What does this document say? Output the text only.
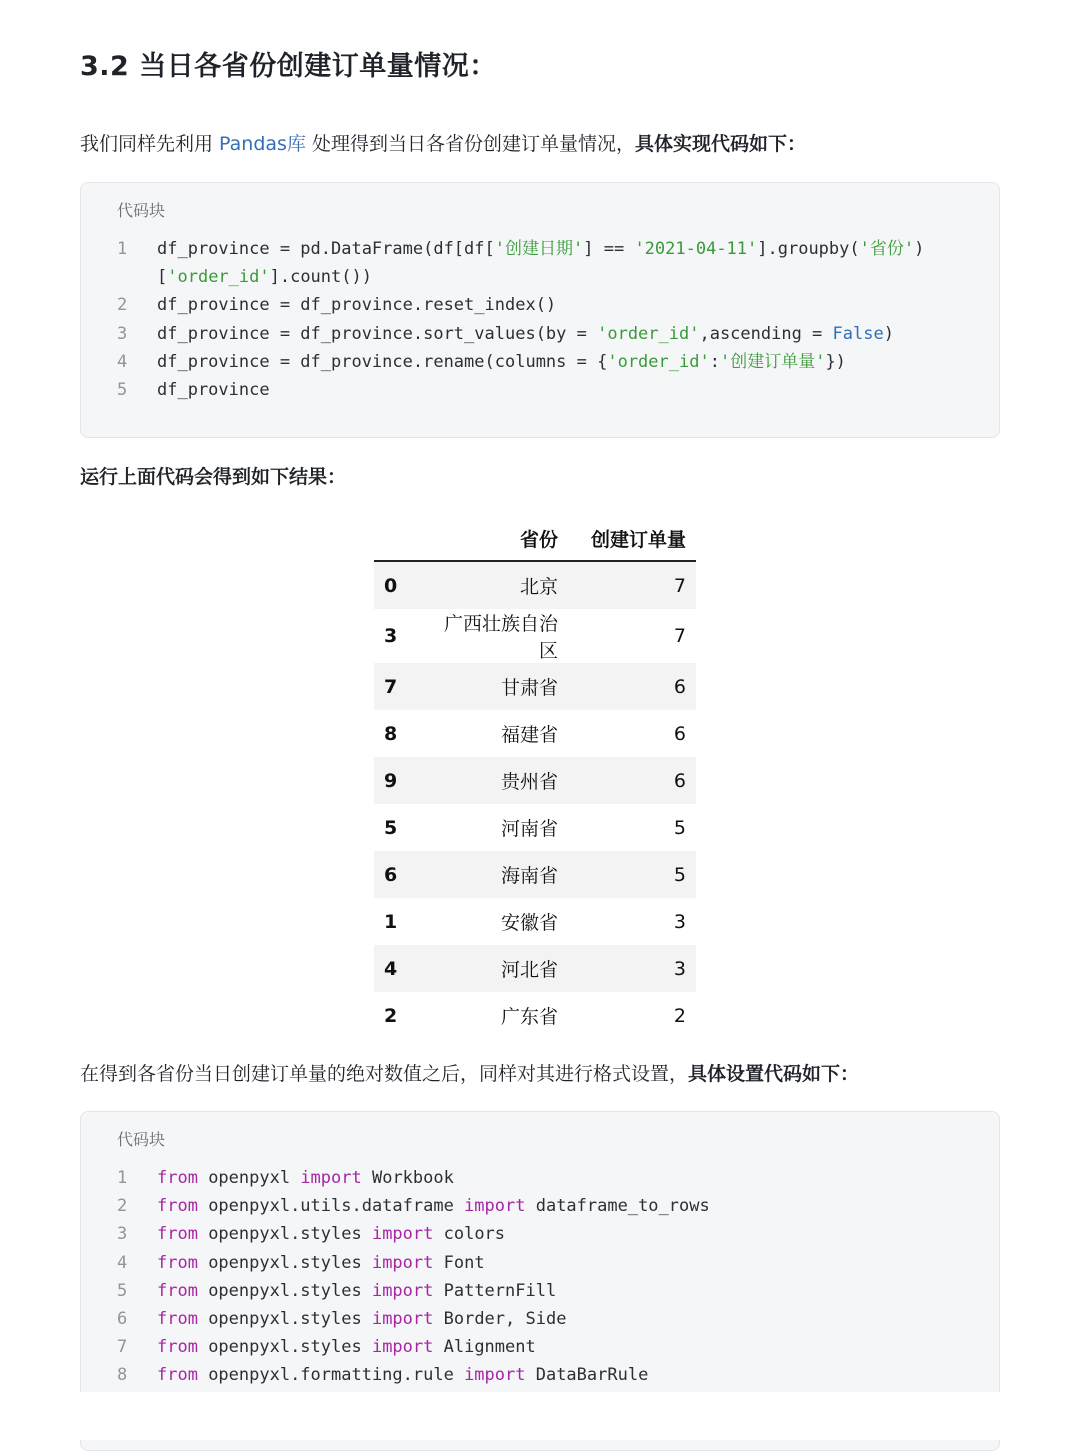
3.2 当日各省份创建订单量情况：

我们同样先利用 Pandas库 处理得到当日各省份创建订单量情况，具体实现代码如下：

代码块
1	df_province = pd.DataFrame(df[df['创建日期'] == '2021-04-11'].groupby('省份')
['order_id'].count())
2	df_province = df_province.reset_index()
3	df_province = df_province.sort_values(by = 'order_id',ascending = False)
4	df_province = df_province.rename(columns = {'order_id':'创建订单量'})
5	df_province

运行上面代码会得到如下结果：

	省份	创建订单量
0	北京	7
3	广西壮族自治区	7
7	甘肃省	6
8	福建省	6
9	贵州省	6
5	河南省	5
6	海南省	5
1	安徽省	3
4	河北省	3
2	广东省	2

在得到各省份当日创建订单量的绝对数值之后，同样对其进行格式设置，具体设置代码如下：

代码块
1	from openpyxl import Workbook
2	from openpyxl.utils.dataframe import dataframe_to_rows
3	from openpyxl.styles import colors
4	from openpyxl.styles import Font
5	from openpyxl.styles import PatternFill
6	from openpyxl.styles import Border, Side
7	from openpyxl.styles import Alignment
8	from openpyxl.formatting.rule import DataBarRule
